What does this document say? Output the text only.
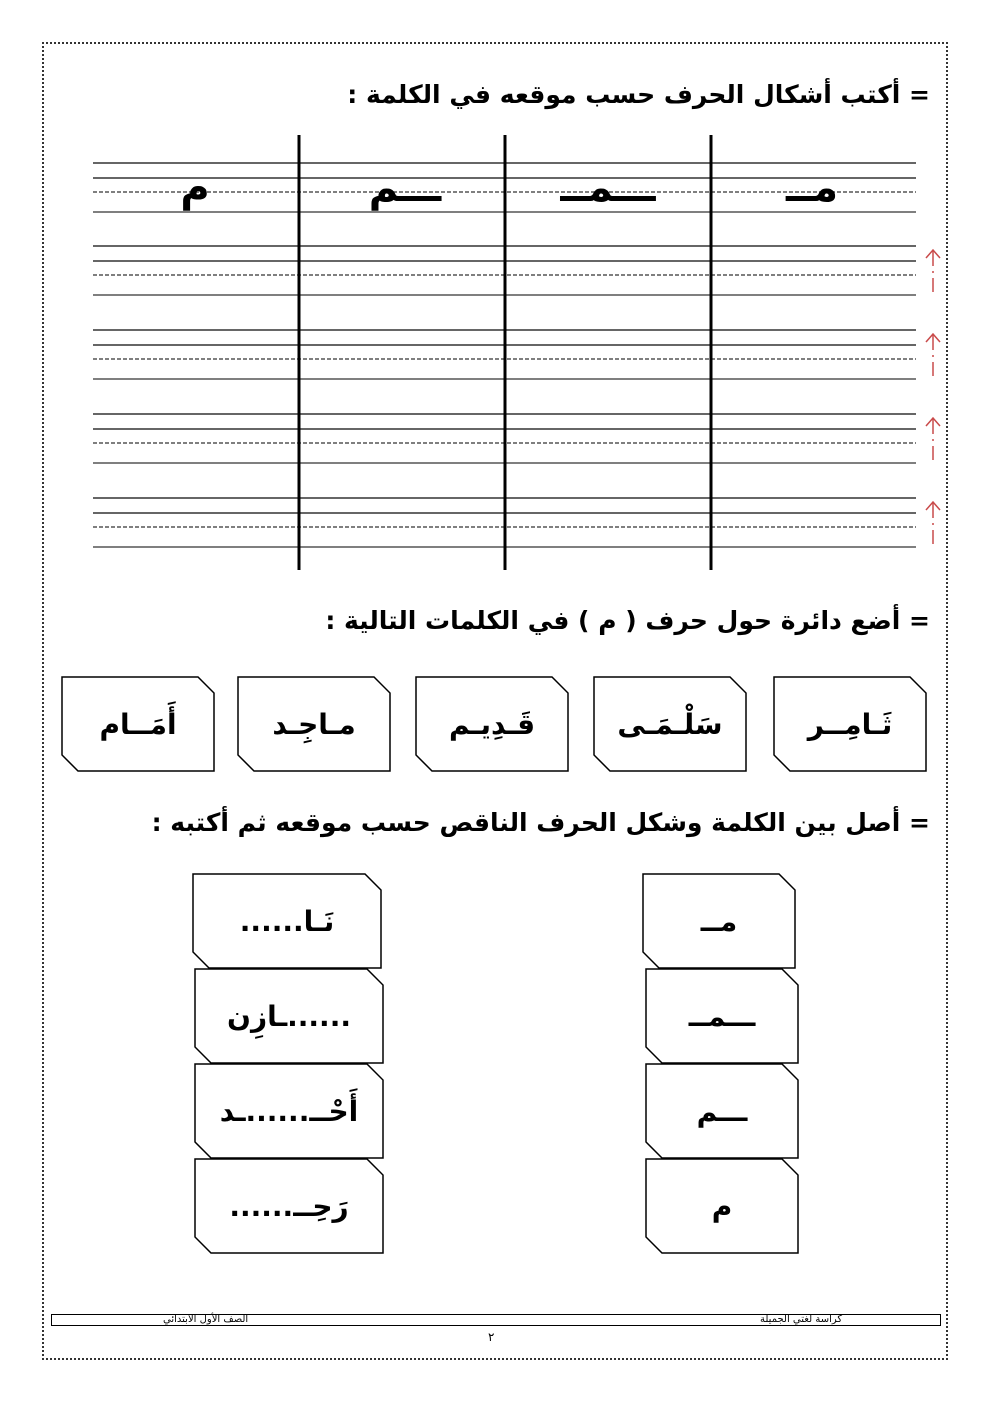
= أكتب أشكال الحرف حسب موقعه في الكلمة :
مــ
ـــمــ
ـــم
م
= أضع دائرة حول حرف ( م ) في الكلمات التالية :
ثَـامِــر
سَلْـمَـى
قَـدِيـم
مـاجِـد
أَمَــام
= أصل بين الكلمة وشكل الحرف الناقص حسب موقعه ثم أكتبه :
نَـا......
......ـازِن
أَحْــ......ـد
رَحِــ......
مــ
ـــمــ
ـــم
م
كراسة لغتي الجميلة
الصف الأول الابتدائي
٢
